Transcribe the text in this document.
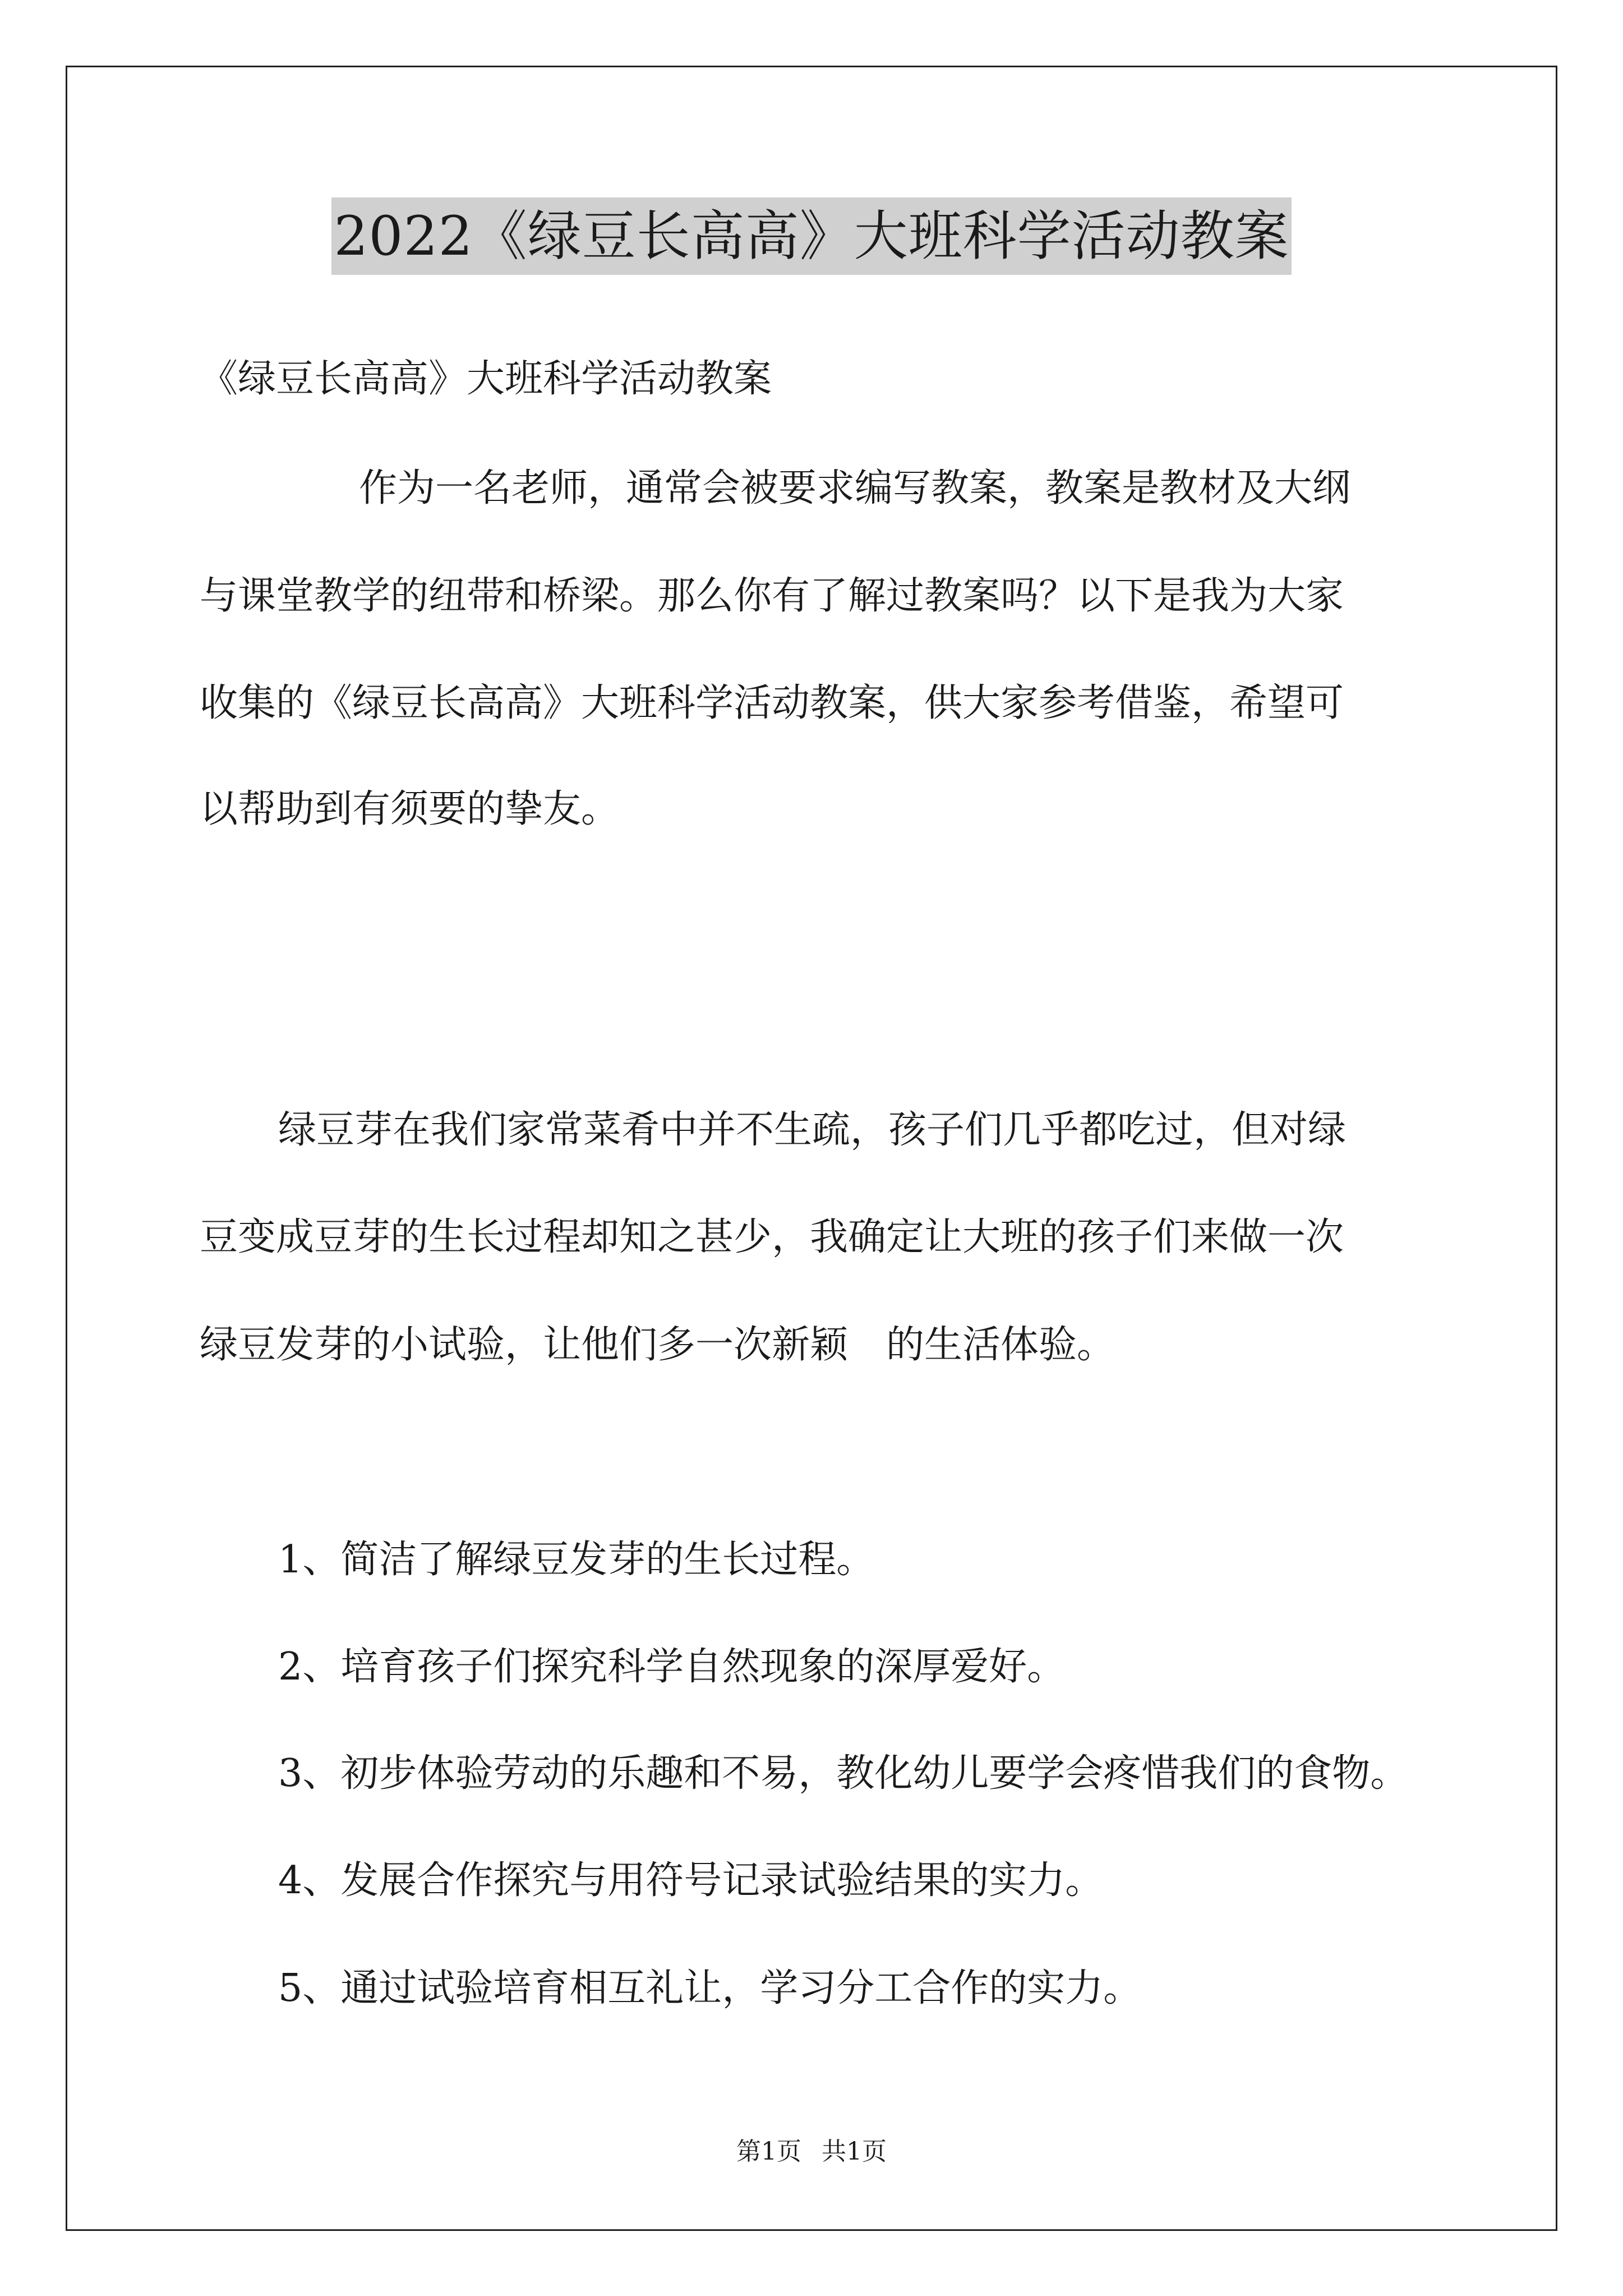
2022《绿豆长高高》大班科学活动教案
《绿豆长高高》大班科学活动教案
作为一名老师，通常会被要求编写教案，教案是教材及大纲
与课堂教学的纽带和桥梁。那么你有了解过教案吗？以下是我为大家
收集的《绿豆长高高》大班科学活动教案，供大家参考借鉴，希望可
以帮助到有须要的挚友。
绿豆芽在我们家常菜肴中并不生疏，孩子们几乎都吃过，但对绿
豆变成豆芽的生长过程却知之甚少，我确定让大班的孩子们来做一次
绿豆发芽的小试验，让他们多一次新颖　的生活体验。
1、简洁了解绿豆发芽的生长过程。
2、培育孩子们探究科学自然现象的深厚爱好。
3、初步体验劳动的乐趣和不易，教化幼儿要学会疼惜我们的食物。
4、发展合作探究与用符号记录试验结果的实力。
5、通过试验培育相互礼让，学习分工合作的实力。
第1页 共1页
